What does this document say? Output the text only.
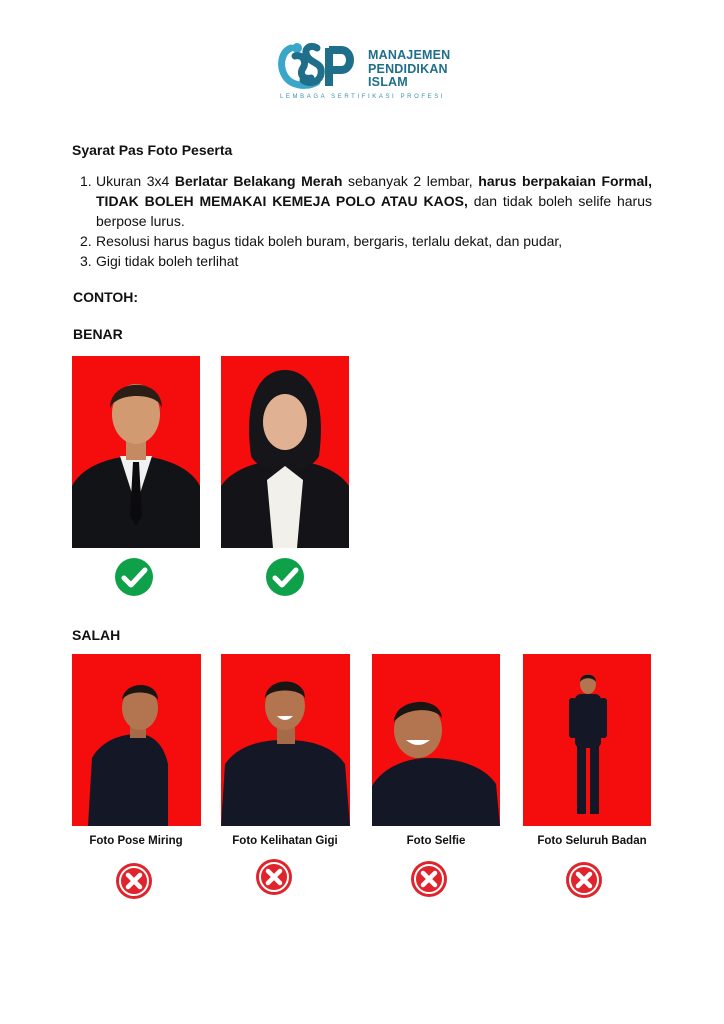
MANAJEMEN
PENDIDIKAN
ISLAM
LEMBAGA SERTIFIKASI PROFESI
Syarat Pas Foto Peserta
1. Ukuran 3x4 Berlatar Belakang Merah sebanyak 2 lembar, harus berpakaian Formal, TIDAK BOLEH MEMAKAI KEMEJA POLO ATAU KAOS, dan tidak boleh selife harus berpose lurus.
2. Resolusi harus bagus tidak boleh buram, bergaris, terlalu dekat, dan pudar,
3. Gigi tidak boleh terlihat
CONTOH:
BENAR
SALAH
Foto Pose Miring	Foto Kelihatan Gigi	Foto Selfie	Foto Seluruh Badan
